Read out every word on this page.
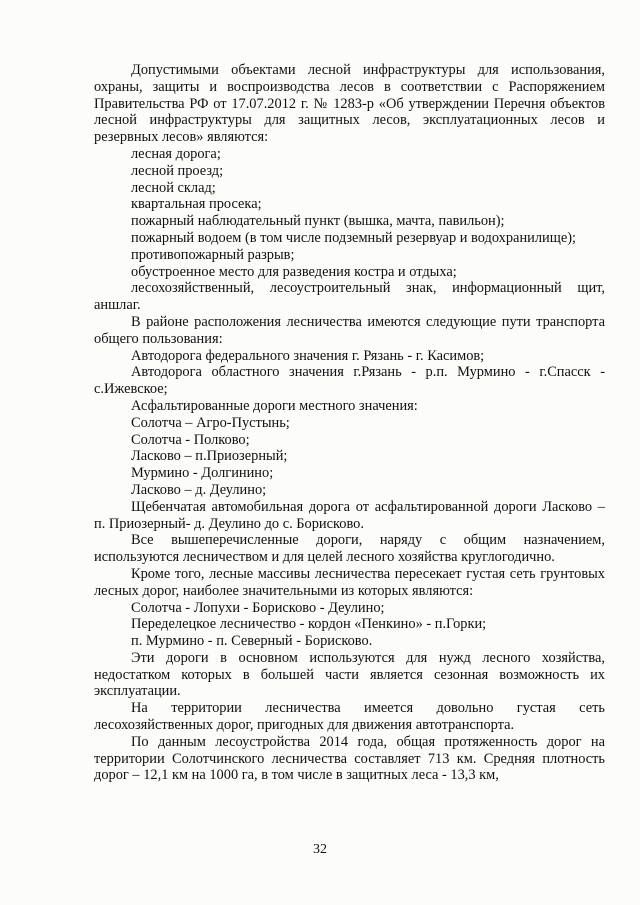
Допустимыми объектами лесной инфраструктуры для использования, охраны, защиты и воспроизводства лесов в соответствии с Распоряжением Правительства РФ от 17.07.2012 г. № 1283-р «Об утверждении Перечня объектов лесной инфраструктуры для защитных лесов, эксплуатационных лесов и резервных лесов» являются:

лесная дорога;

лесной проезд;

лесной склад;

квартальная просека;

пожарный наблюдательный пункт (вышка, мачта, павильон);

пожарный водоем (в том числе подземный резервуар и водохранилище);

противопожарный разрыв;

обустроенное место для разведения костра и отдыха;

лесохозяйственный, лесоустроительный знак, информационный щит, аншлаг.

В районе расположения лесничества имеются следующие пути транспорта общего пользования:

Автодорога федерального значения г. Рязань - г. Касимов;

Автодорога областного значения г.Рязань - р.п. Мурмино - г.Спасск - с.Ижевское;

Асфальтированные дороги местного значения:

Солотча – Агро-Пустынь;

Солотча - Полково;

Ласково – п.Приозерный;

Мурмино - Долгинино;

Ласково – д. Деулино;

Щебенчатая автомобильная дорога от асфальтированной дороги Ласково – п. Приозерный- д. Деулино до с. Борисково.

Все вышеперечисленные дороги, наряду с общим назначением, используются лесничеством и для целей лесного хозяйства круглогодично.

Кроме того, лесные массивы лесничества пересекает густая сеть грунтовых лесных дорог, наиболее значительными из которых являются:

Солотча - Лопухи - Борисково - Деулино;

Переделецкое лесничество - кордон «Пенкино» - п.Горки;

п. Мурмино - п. Северный - Борисково.

Эти дороги в основном используются для нужд лесного хозяйства, недостатком которых в большей части является сезонная возможность их эксплуатации.

На территории лесничества имеется довольно густая сеть лесохозяйственных дорог, пригодных для движения автотранспорта.

По данным лесоустройства 2014 года, общая протяженность дорог на территории Солотчинского лесничества составляет 713 км. Средняя плотность дорог – 12,1 км на 1000 га, в том числе в защитных леса - 13,3 км,

32
